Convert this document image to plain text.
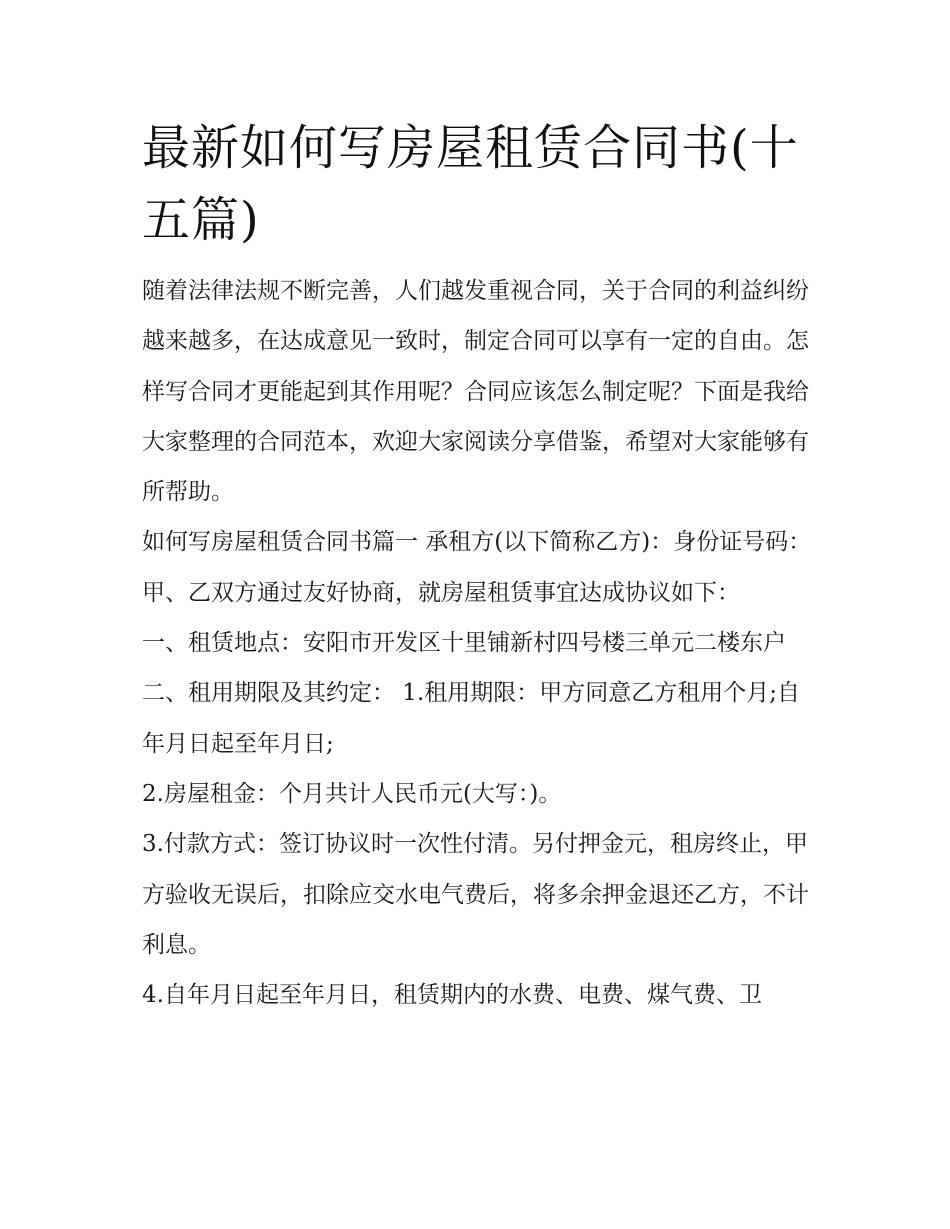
最新如何写房屋租赁合同书(十五篇)

随着法律法规不断完善，人们越发重视合同，关于合同的利益纠纷越来越多，在达成意见一致时，制定合同可以享有一定的自由。怎样写合同才更能起到其作用呢？合同应该怎么制定呢？下面是我给大家整理的合同范本，欢迎大家阅读分享借鉴，希望对大家能够有所帮助。

如何写房屋租赁合同书篇一 承租方(以下简称乙方)：身份证号码： 甲、乙双方通过友好协商，就房屋租赁事宜达成协议如下：

一、租赁地点：安阳市开发区十里铺新村四号楼三单元二楼东户 二、租用期限及其约定： 1.租用期限：甲方同意乙方租用个月;自年月日起至年月日;

2.房屋租金：个月共计人民币元(大写：)。

3.付款方式：签订协议时一次性付清。另付押金元，租房终止，甲方验收无误后，扣除应交水电气费后，将多余押金退还乙方，不计利息。

4.自年月日起至年月日，租赁期内的水费、电费、煤气费、卫
